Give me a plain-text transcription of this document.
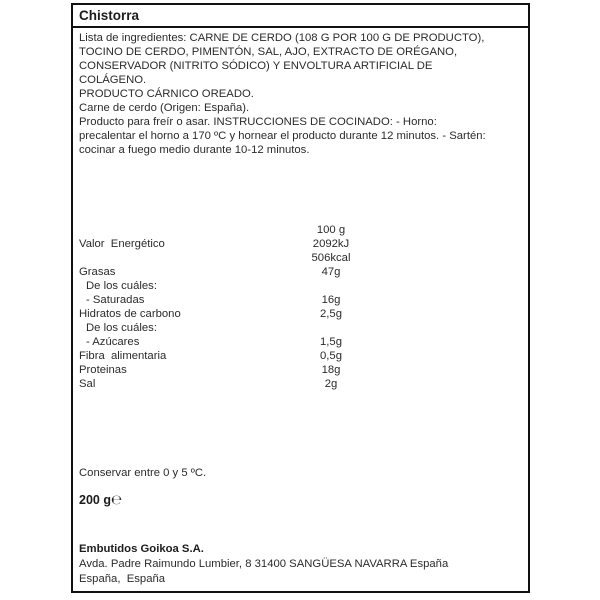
Chistorra
Lista de ingredientes: CARNE DE CERDO (108 G POR 100 G DE PRODUCTO),
TOCINO DE CERDO, PIMENTÓN, SAL, AJO, EXTRACTO DE ORÉGANO,
CONSERVADOR (NITRITO SÓDICO) Y ENVOLTURA ARTIFICIAL DE
COLÁGENO.
PRODUCTO CÁRNICO OREADO.
Carne de cerdo (Origen: España).
Producto para freír o asar. INSTRUCCIONES DE COCINADO: - Horno:
precalentar el horno a 170 ºC y hornear el producto durante 12 minutos. - Sartén:
cocinar a fuego medio durante 10-12 minutos.
100 g
Valor  Energético	2092kJ
506kcal
Grasas	47g
De los cuáles:
- Saturadas	16g
Hidratos de carbono	2,5g
De los cuáles:
- Azúcares	1,5g
Fibra  alimentaria	0,5g
Proteinas	18g
Sal	2g

Conservar entre 0 y 5 ºC.

200 g℮

Embutidos Goikoa S.A.
Avda. Padre Raimundo Lumbier, 8 31400 SANGÜESA NAVARRA España
España,  España
